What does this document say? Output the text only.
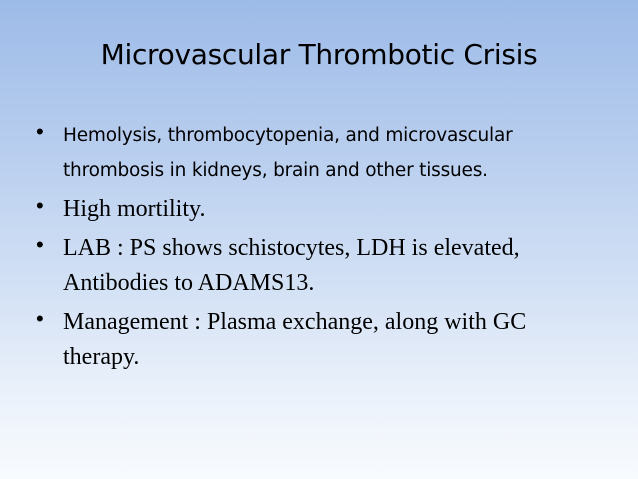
Microvascular Thrombotic Crisis
• Hemolysis, thrombocytopenia, and microvascular thrombosis in kidneys, brain and other tissues.
• High mortility.
• LAB : PS shows schistocytes, LDH is elevated, Antibodies to ADAMS13.
• Management : Plasma exchange, along with GC therapy.
